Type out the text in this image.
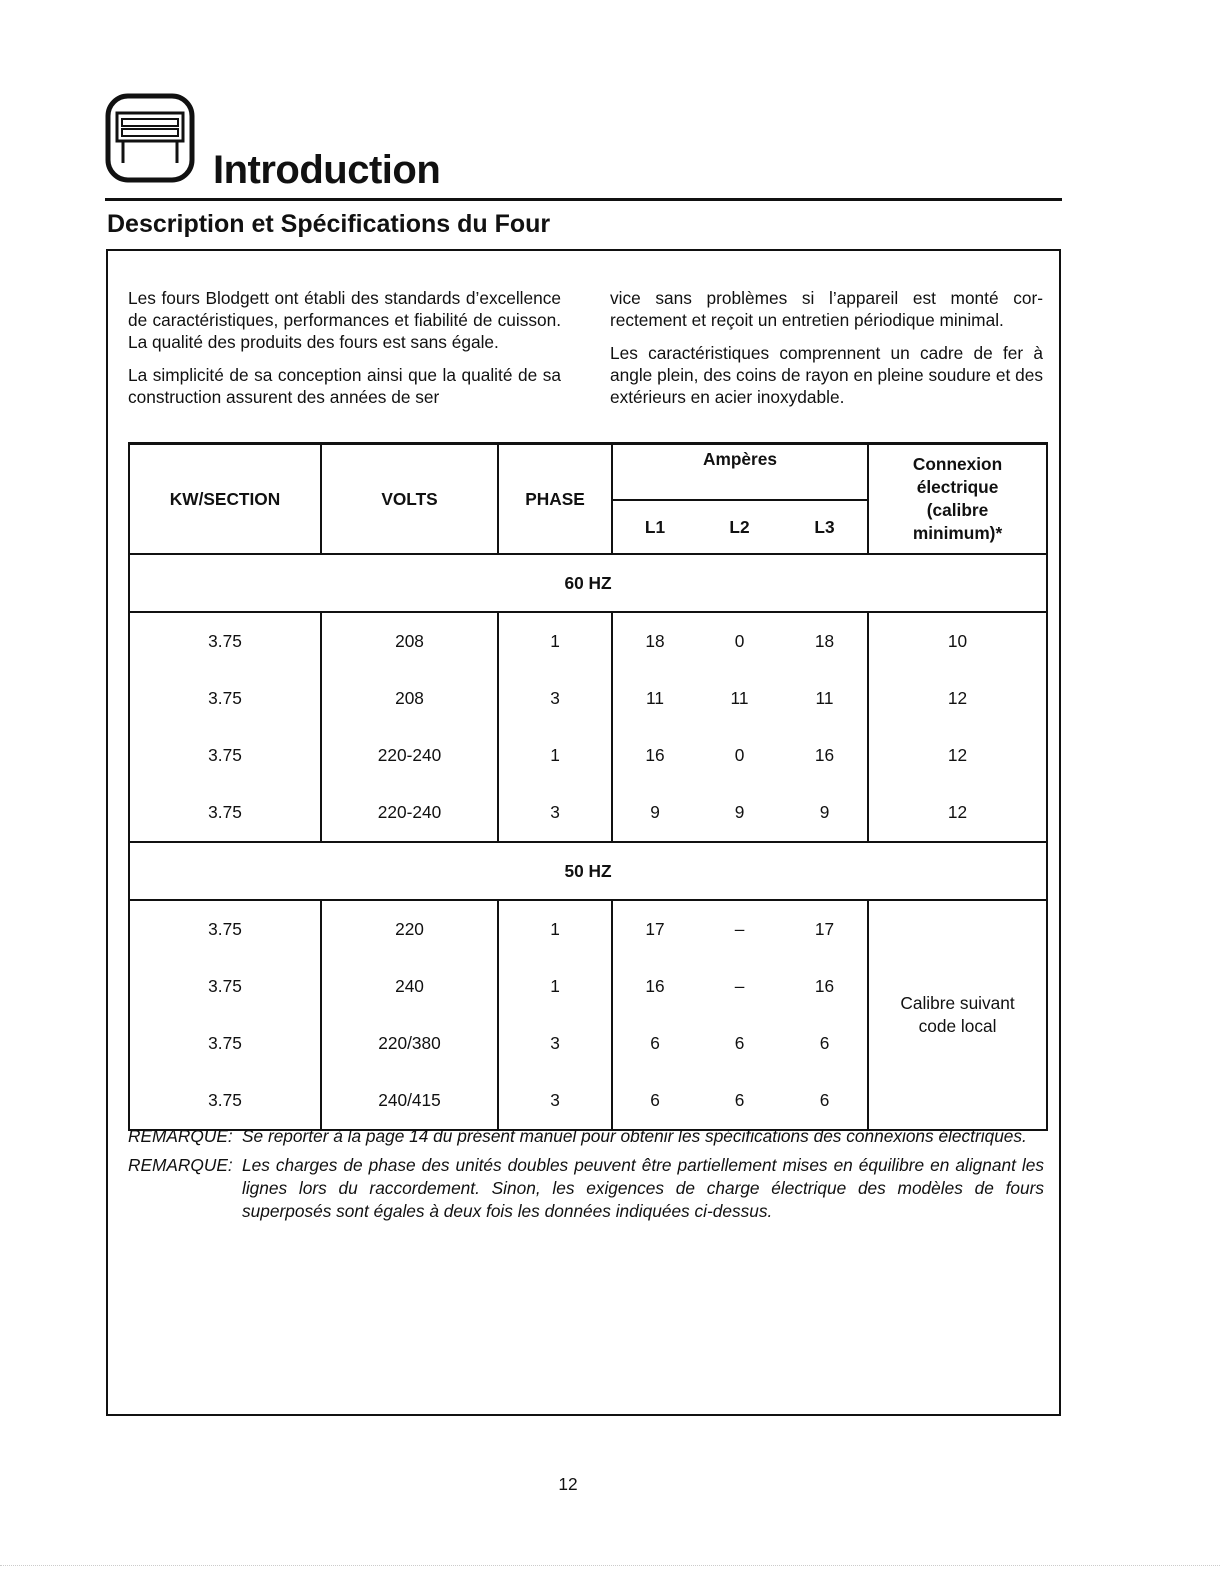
Introduction
Description et Spécifications du Four

Les fours Blodgett ont établi des standards d’excellence de caractéristiques, performances et fiabilité de cuisson. La qualité des produits des fours est sans égale.

La simplicité de sa conception ainsi que la qualité de sa construction assurent des années de ser

vice sans problèmes si l’appareil est monté correctement et reçoit un entretien périodique minimal.

Les caractéristiques comprennent un cadre de fer à angle plein, des coins de rayon en pleine soudure et des extérieurs en acier inoxydable.

KW/SECTION	VOLTS	PHASE	Ampères			Connexion électrique (calibre minimum)*
			L1	L2	L3	
60 HZ						
3.75	208	1	18	0	18	10
3.75	208	3	11	11	11	12
3.75	220-240	1	16	0	16	12
3.75	220-240	3	9	9	9	12
50 HZ						
3.75	220	1	17	–	17	Calibre suivant code local
3.75	240	1	16	–	16	
3.75	220/380	3	6	6	6	
3.75	240/415	3	6	6	6	
REMARQUE: Se reporter à la page 14 du présent manuel pour obtenir les spécifications des connexions électriques.
REMARQUE: Les charges de phase des unités doubles peuvent être partiellement mises en équilibre en alignant les lignes lors du raccordement. Sinon, les exigences de charge électrique des modèles de fours superposés sont égales à deux fois les données indiquées ci-dessus.
12
